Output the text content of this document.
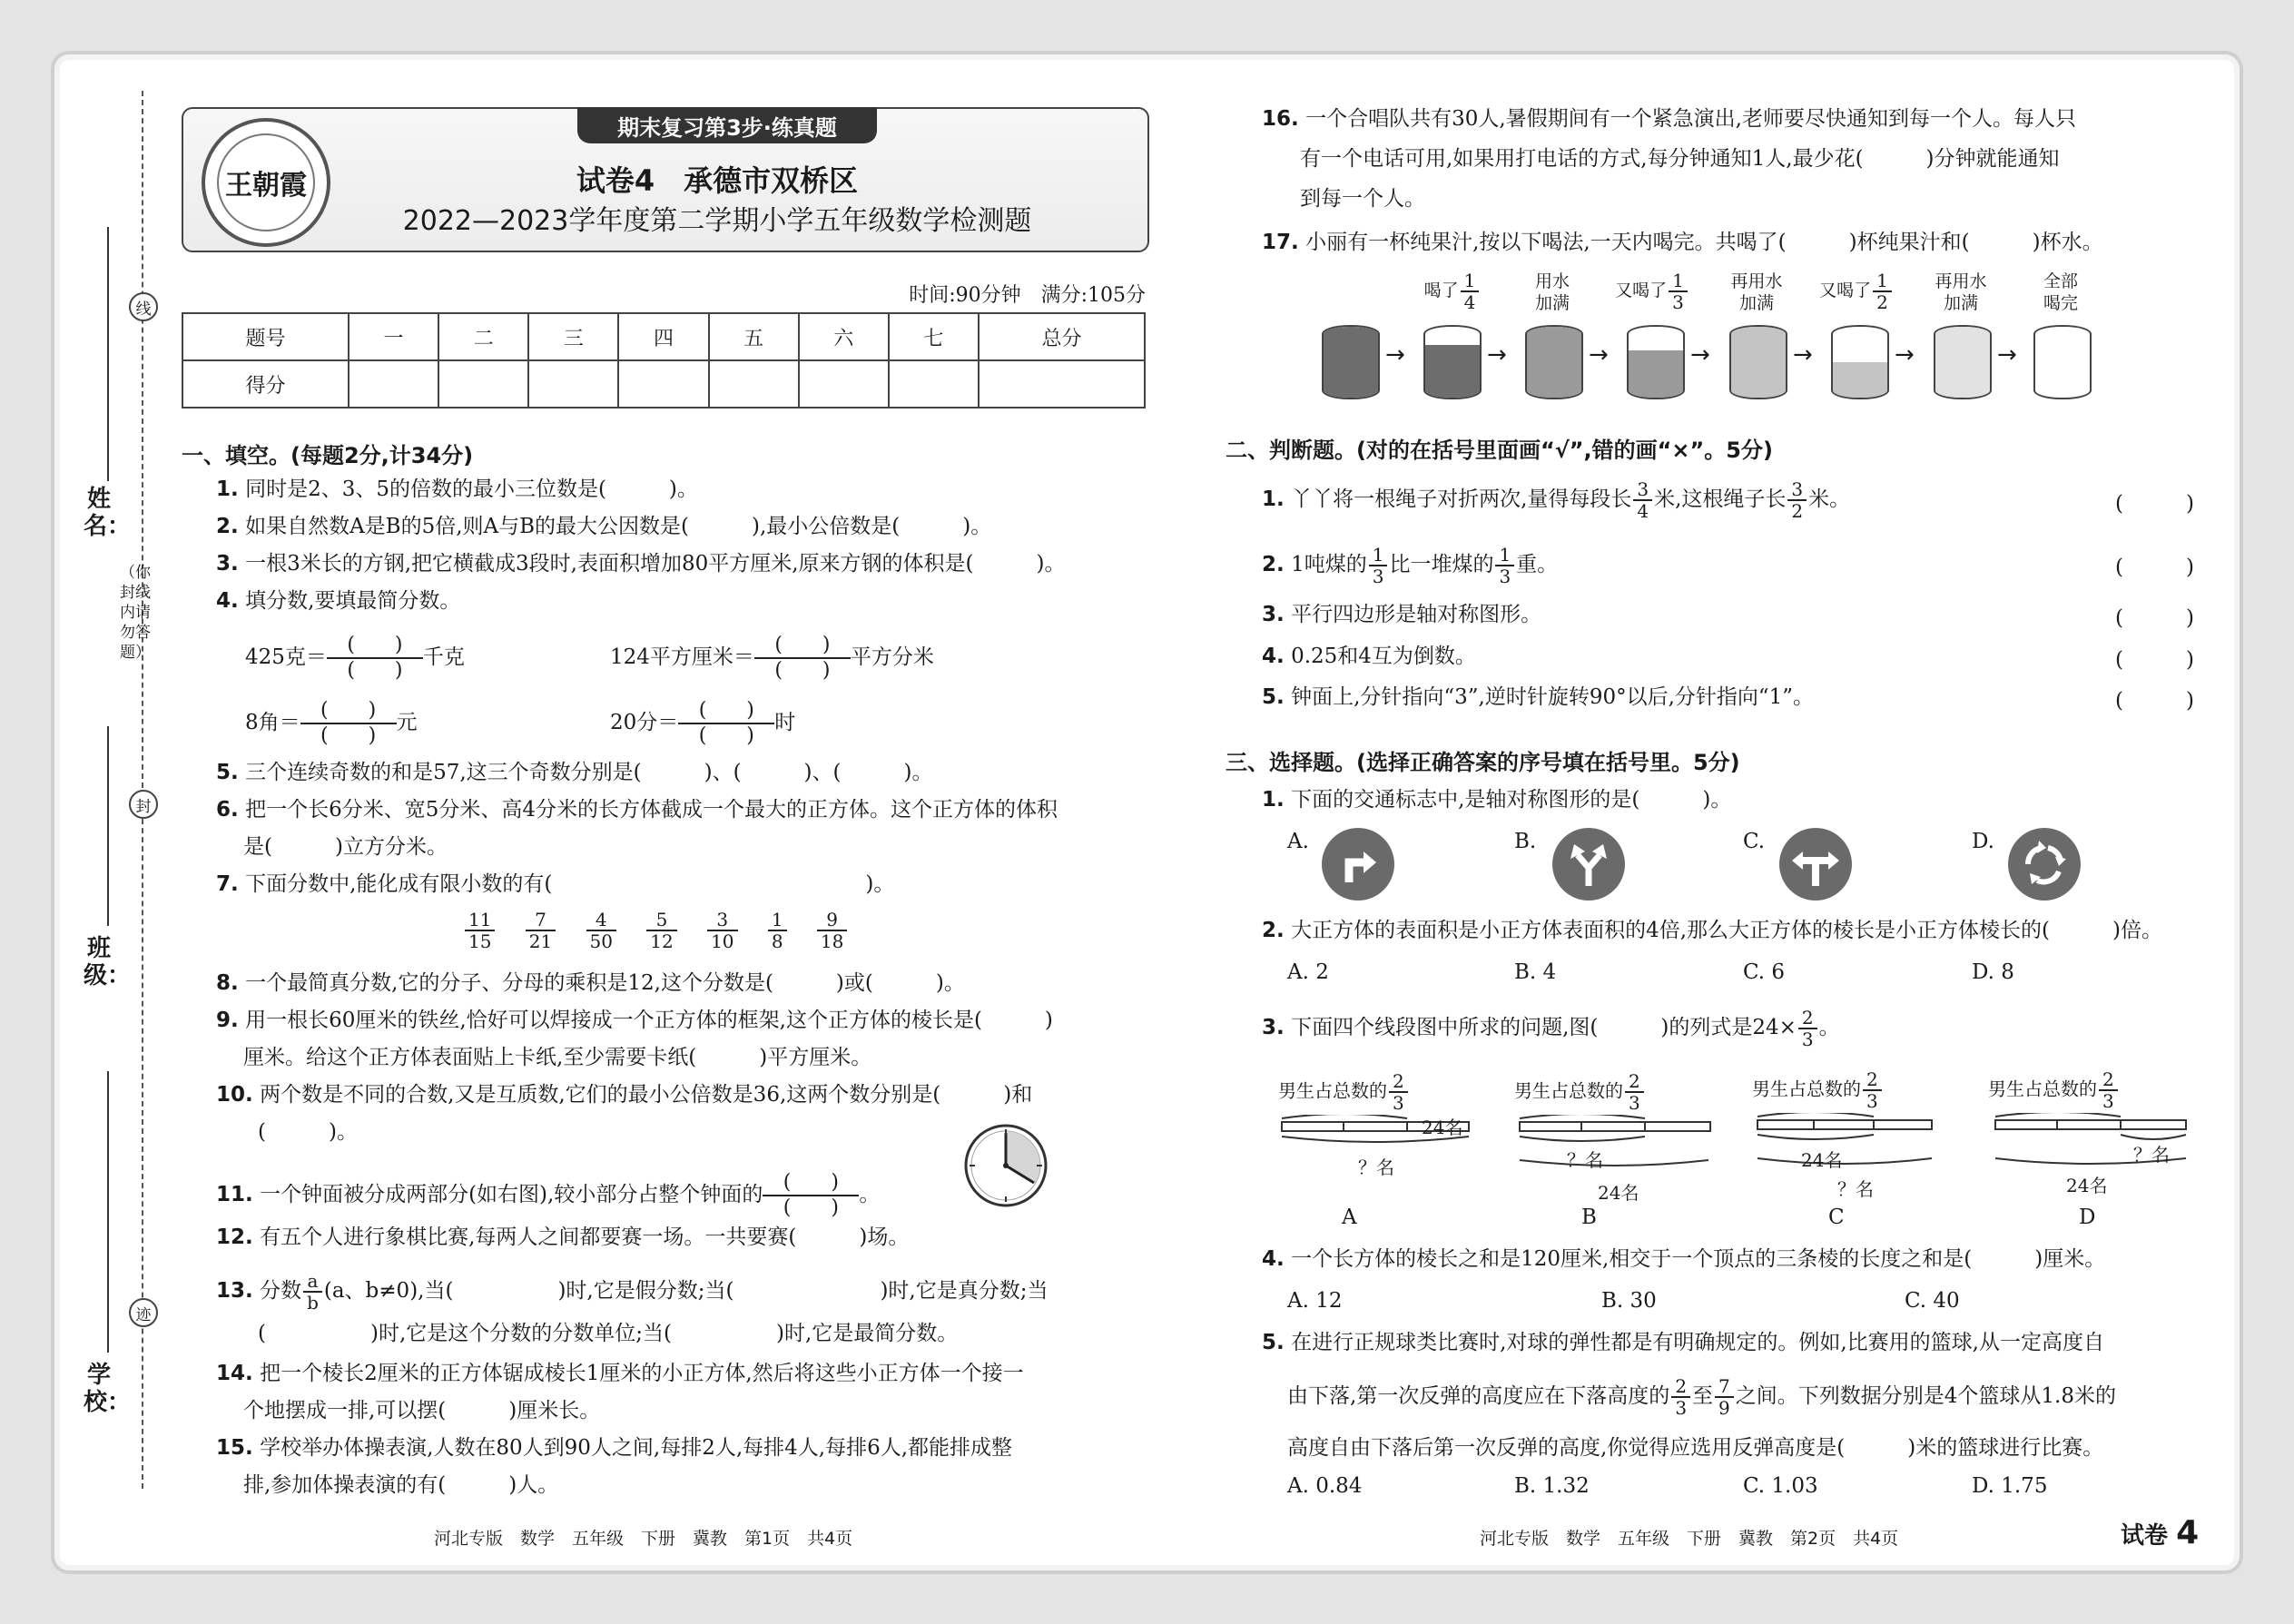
线
封
迹
（你封线内请勿答题）
姓名：
班级：
学校：
期末复习第3步·练真题
王朝霞	试卷4　承德市双桥区
2022—2023学年度第二学期小学五年级数学检测题
时间:90分钟　满分:105分
题号	一	二	三	四	五	六	七	总分
得分								
一、填空。(每题2分,计34分)
1. 同时是2、3、5的倍数的最小三位数是(　　　)。
2. 如果自然数A是B的5倍,则A与B的最大公因数是(　　　),最小公倍数是(　　　)。
3. 一根3米长的方钢,把它横截成3段时,表面积增加80平方厘米,原来方钢的体积是(　　　)。
4. 填分数,要填最简分数。
425克＝
(　　)
(　　)千克	124平方厘米＝
(　　)
(　　)平方分米
8角＝
(　　)
(　　)元	20分＝
(　　)
(　　)时
5. 三个连续奇数的和是57,这三个奇数分别是(　　　)、(　　　)、(　　　)。
6. 把一个长6分米、宽5分米、高4分米的长方体截成一个最大的正方体。这个正方体的体积
是(　　　)立方分米。
7. 下面分数中,能化成有限小数的有(　　　　　　　　　　　　　　　)。
$\frac{11}{15}$
$\frac{7}{21}$
$\frac{4}{50}$
$\frac{5}{12}$
$\frac{3}{10}$
$\frac{1}{8}$
$\frac{9}{18}$
8. 一个最简真分数,它的分子、分母的乘积是12,这个分数是(　　　)或(　　　)。
9. 用一根长60厘米的铁丝,恰好可以焊接成一个正方体的框架,这个正方体的棱长是(　　　)
厘米。给这个正方体表面贴上卡纸,至少需要卡纸(　　　)平方厘米。
10. 两个数是不同的合数,又是互质数,它们的最小公倍数是36,这两个数分别是(　　　)和
(　　　)。
11. 一个钟面被分成两部分(如右图),较小部分占整个钟面的
(　　)
(　　)。
12. 有五个人进行象棋比赛,每两人之间都要赛一场。一共要赛(　　　)场。
13. 分数 $\frac{a}{b} (a$、b≠0),当(　　　　　)时,它是假分数;当(　　　　　　　)时,它是真分数;当
(　　　　　)时,它是这个分数的分数单位;当(　　　　　)时,它是最简分数。
14. 把一个棱长2厘米的正方体锯成棱长1厘米的小正方体,然后将这些小正方体一个接一
个地摆成一排,可以摆(　　　)厘米长。
15. 学校举办体操表演,人数在80人到90人之间,每排2人,每排4人,每排6人,都能排成整
排,参加体操表演的有(　　　)人。
河北专版　数学　五年级　下册　冀教　第1页　共4页
16. 一个合唱队共有30人,暑假期间有一个紧急演出,老师要尽快通知到每一个人。每人只
有一个电话可用,如果用打电话的方式,每分钟通知1人,最少花(　　　)分钟就能通知
到每一个人。
17. 小丽有一杯纯果汁,按以下喝法,一天内喝完。共喝了(　　　)杯纯果汁和(　　　)杯水。
喝了 $\frac{1}{4}$	用水
加满
又喝了 $\frac{1}{3}$	再用水
加满
又喝了 $\frac{1}{2}$	再用水
加满
全部
喝完
→	→	→	→	→	→	→
二、判断题。(对的在括号里面画“√”,错的画“×”。5分)
1. 丫丫将一根绳子对折两次,量得每段长 $\frac{3}{4}$ 米,这根绳子长 $\frac{3}{2}$ 米。	(　　　)
2. 1吨煤的 $\frac{1}{3}$ 比一堆煤的 $\frac{1}{3}$ 重。	(　　　)
3. 平行四边形是轴对称图形。	(　　　)
4. 0.25和4互为倒数。	(　　　)
5. 钟面上,分针指向“3”,逆时针旋转90°以后,分针指向“1”。	(　　　)
三、选择题。(选择正确答案的序号填在括号里。5分)
1. 下面的交通标志中,是轴对称图形的是(　　　)。
A.	B.	C.	D.
2. 大正方体的表面积是小正方体表面积的4倍,那么大正方体的棱长是小正方体棱长的(　　　)倍。
A. 2	B. 4	C. 6	D. 8
3. 下面四个线段图中所求的问题,图(　　　)的列式是$24\times \frac{2}{3}$ 。
男生占总数的 $\frac{2}{3}$
24名
？名
A
男生占总数的 $\frac{2}{3}$
？名
24名
B
男生占总数的 $\frac{2}{3}$
24名
？名
C
男生占总数的 $\frac{2}{3}$
？名
24名
D
4. 一个长方体的棱长之和是120厘米,相交于一个顶点的三条棱的长度之和是(　　　)厘米。
A. 12	B. 30	C. 40
5. 在进行正规球类比赛时,对球的弹性都是有明确规定的。例如,比赛用的篮球,从一定高度自
由下落,第一次反弹的高度应在下落高度的 $\frac{2}{3}$ 至 $\frac{7}{9}$ 之间。下列数据分别是4个篮球从1.8米的
高度自由下落后第一次反弹的高度,你觉得应选用反弹高度是(　　　)米的篮球进行比赛。
A. 0.84	B. 1.32	C. 1.03	D. 1.75
河北专版　数学　五年级　下册　冀教　第2页　共4页	试卷 4
